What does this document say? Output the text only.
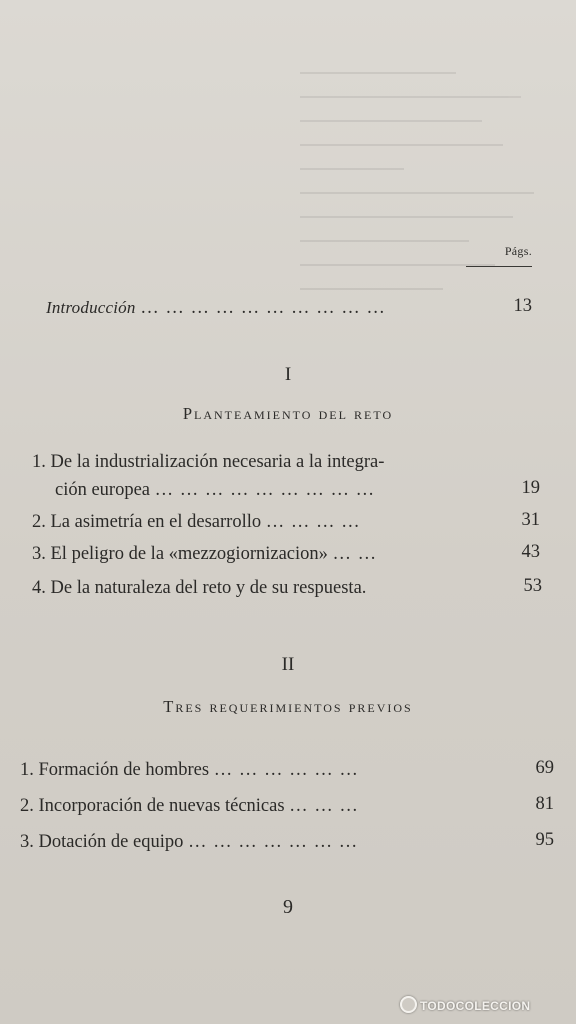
Págs.
Introducción … … … … … … … … … …	13
I
Planteamiento del reto
1. De la industrialización necesaria a la integra-
ción europea … … … … … … … … …	19
2. La asimetría en el desarrollo … … … …	31
3. El peligro de la «mezzogiornizacion» … …	43
4. De la naturaleza del reto y de su respuesta.	53
II
Tres requerimientos previos
1. Formación de hombres … … … … … …	69
2. Incorporación de nuevas técnicas … … …	81
3. Dotación de equipo … … … … … … …	95
9
TODOCOLECCION
